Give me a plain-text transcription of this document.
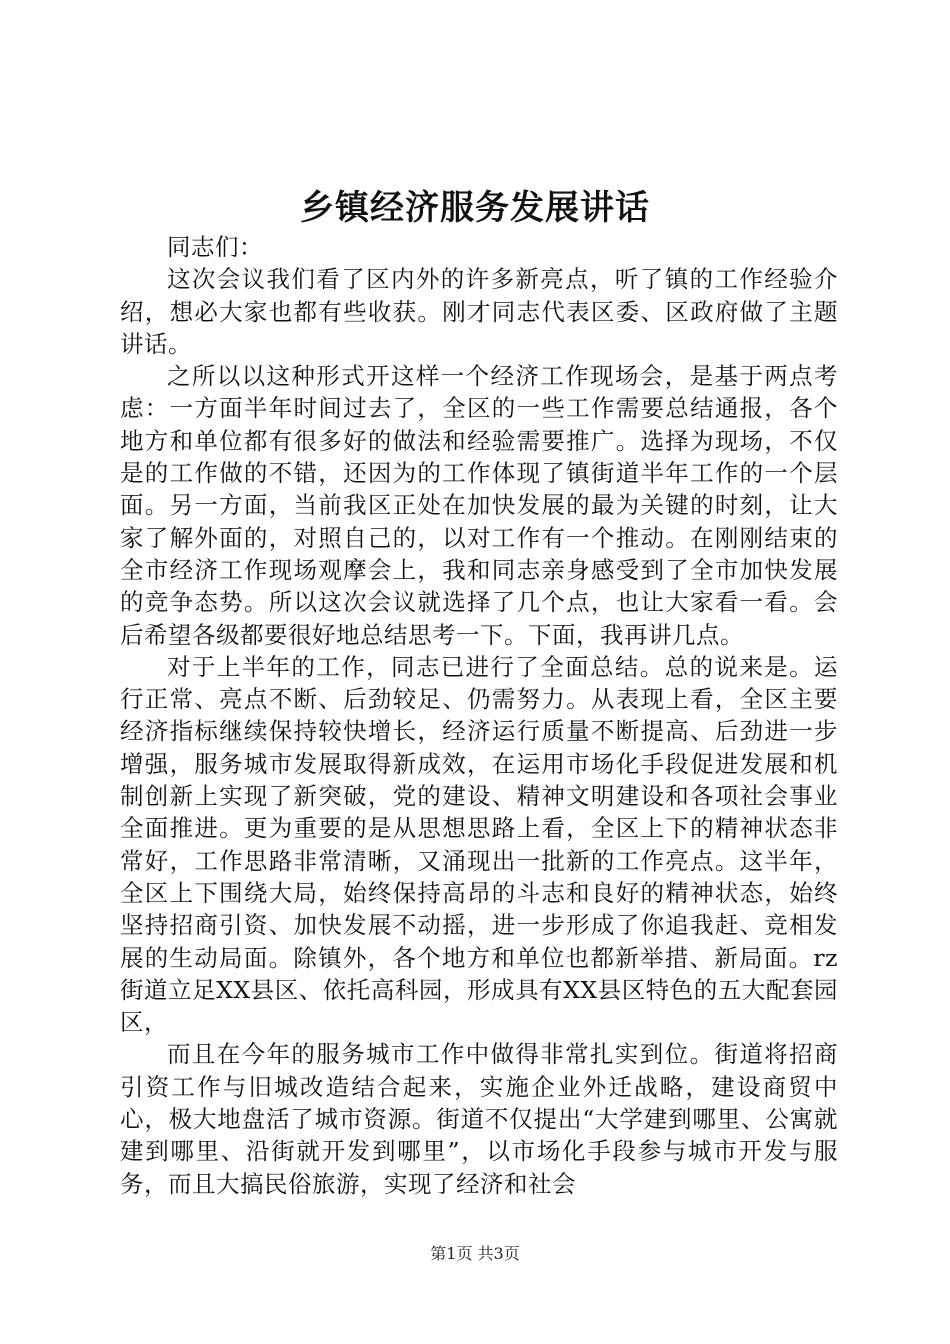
乡镇经济服务发展讲话

同志们：

这次会议我们看了区内外的许多新亮点，听了镇的工作经验介绍，想必大家也都有些收获。刚才同志代表区委、区政府做了主题讲话。

之所以以这种形式开这样一个经济工作现场会，是基于两点考虑：一方面半年时间过去了，全区的一些工作需要总结通报，各个地方和单位都有很多好的做法和经验需要推广。选择为现场，不仅是的工作做的不错，还因为的工作体现了镇街道半年工作的一个层面。另一方面，当前我区正处在加快发展的最为关键的时刻，让大家了解外面的，对照自己的，以对工作有一个推动。在刚刚结束的全市经济工作现场观摩会上，我和同志亲身感受到了全市加快发展的竞争态势。所以这次会议就选择了几个点，也让大家看一看。会后希望各级都要很好地总结思考一下。下面，我再讲几点。

对于上半年的工作，同志已进行了全面总结。总的说来是。运行正常、亮点不断、后劲较足、仍需努力。从表现上看，全区主要经济指标继续保持较快增长，经济运行质量不断提高、后劲进一步增强，服务城市发展取得新成效，在运用市场化手段促进发展和机制创新上实现了新突破，党的建设、精神文明建设和各项社会事业全面推进。更为重要的是从思想思路上看，全区上下的精神状态非常好，工作思路非常清晰，又涌现出一批新的工作亮点。这半年，全区上下围绕大局，始终保持高昂的斗志和良好的精神状态，始终坚持招商引资、加快发展不动摇，进一步形成了你追我赶、竞相发展的生动局面。除镇外，各个地方和单位也都新举措、新局面。rz街道立足XX县区、依托高科园，形成具有XX县区特色的五大配套园区，

而且在今年的服务城市工作中做得非常扎实到位。街道将招商引资工作与旧城改造结合起来，实施企业外迁战略，建设商贸中心，极大地盘活了城市资源。街道不仅提出“大学建到哪里、公寓就建到哪里、沿街就开发到哪里”，以市场化手段参与城市开发与服务，而且大搞民俗旅游，实现了经济和社会

第1页 共3页
